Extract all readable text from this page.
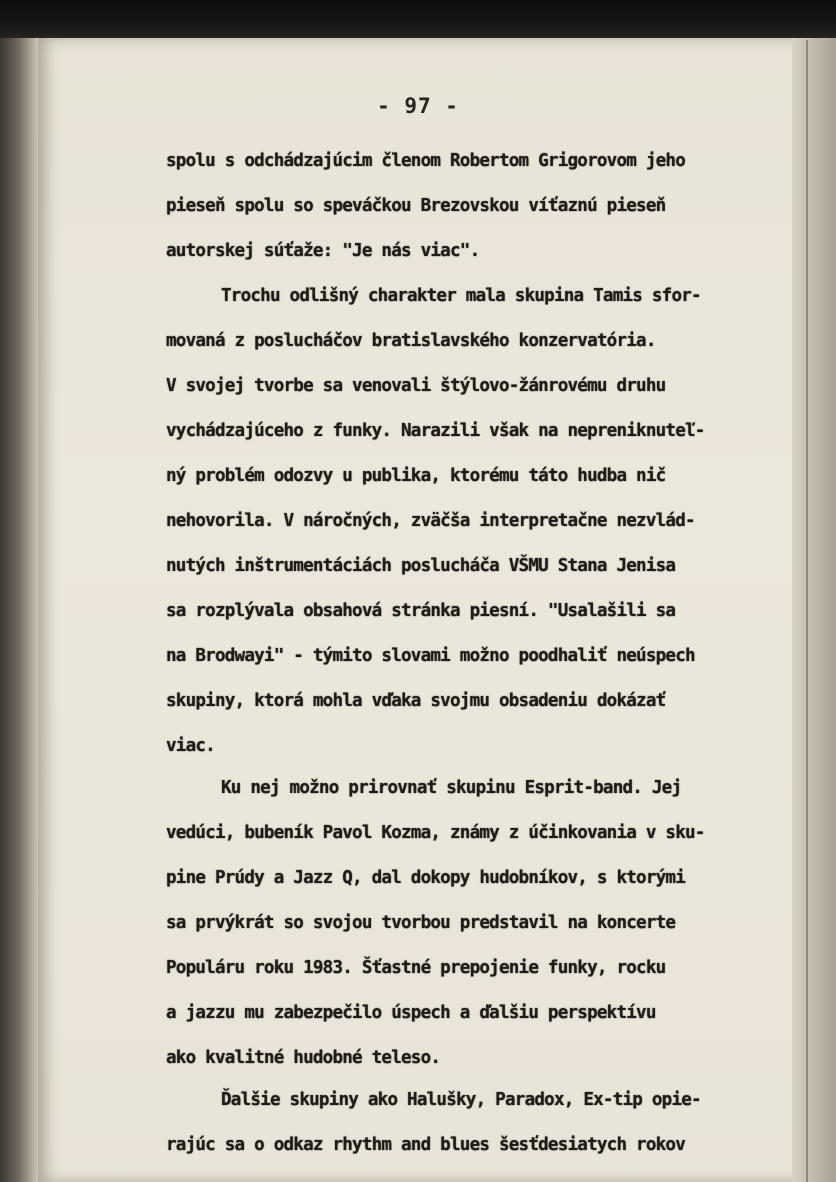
- 97 -
spolu s odchádzajúcim členom Robertom Grigorovom jeho
pieseň spolu so speváčkou Brezovskou víťaznú pieseň
autorskej súťaže: "Je nás viac".
Trochu odlišný charakter mala skupina Tamis sfor-
movaná z poslucháčov bratislavského konzervatória.
V svojej tvorbe sa venovali štýlovo-žánrovému druhu
vychádzajúceho z funky. Narazili však na nepreniknuteľ-
ný problém odozvy u publika, ktorému táto hudba nič
nehovorila. V náročných, zväčša interpretačne nezvlád-
nutých inštrumentáciách poslucháča VŠMU Stana Jenisa
sa rozplývala obsahová stránka piesní. "Usalašili sa
na Brodwayi" - týmito slovami možno poodhaliť neúspech
skupiny, ktorá mohla vďaka svojmu obsadeniu dokázať
viac.
Ku nej možno prirovnať skupinu Esprit-band. Jej
vedúci, bubeník Pavol Kozma, známy z účinkovania v sku-
pine Prúdy a Jazz Q, dal dokopy hudobníkov, s ktorými
sa prvýkrát so svojou tvorbou predstavil na koncerte
Populáru roku 1983. Šťastné prepojenie funky, rocku
a jazzu mu zabezpečilo úspech a ďalšiu perspektívu
ako kvalitné hudobné teleso.
Ďalšie skupiny ako Halušky, Paradox, Ex-tip opie-
rajúc sa o odkaz rhythm and blues šesťdesiatych rokov
